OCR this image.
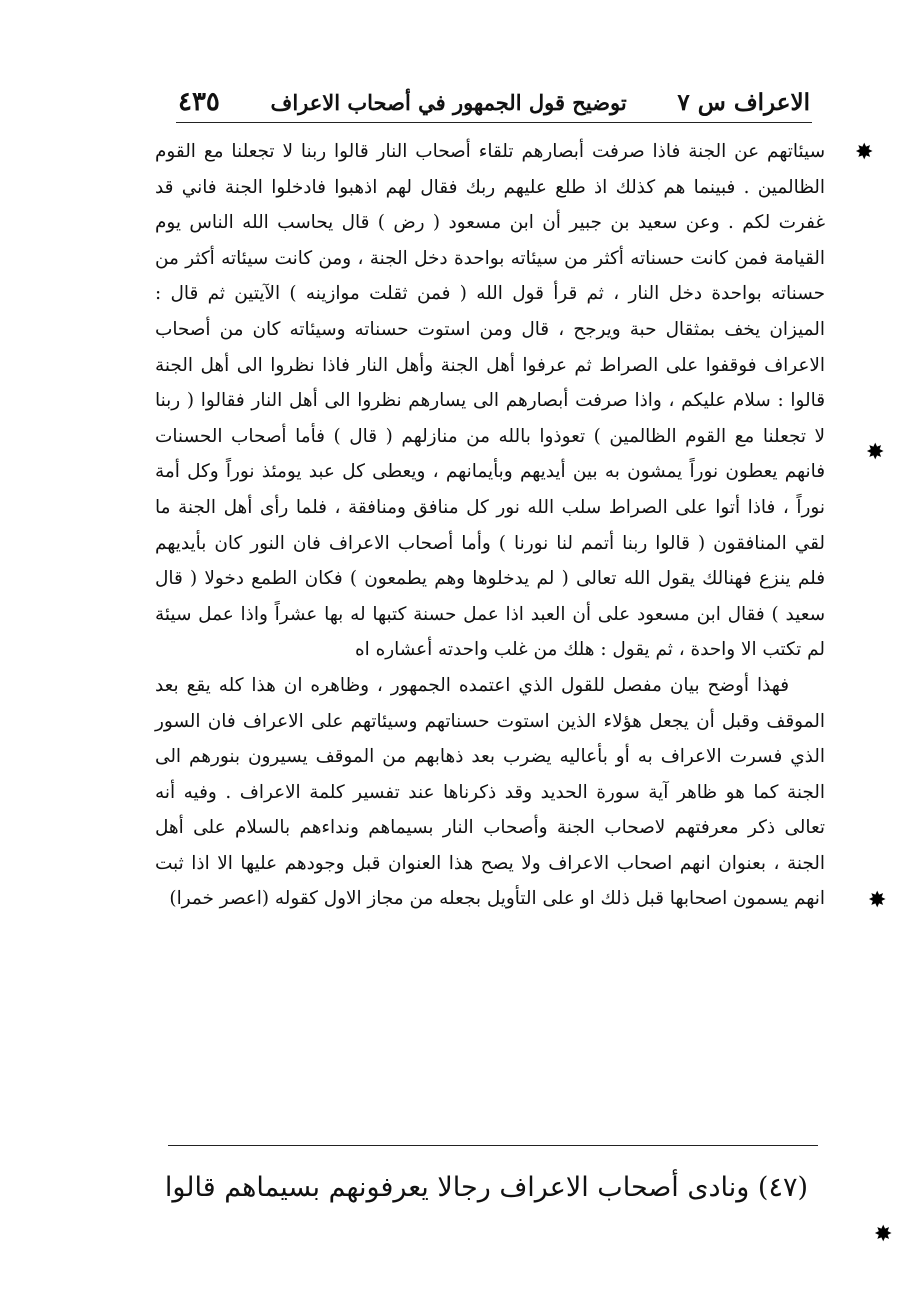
الاعراف س ٧
توضيح قول الجمهور في أصحاب الاعراف
٤٣٥

سيئاتهم عن الجنة فاذا صرفت أبصارهم تلقاء أصحاب النار قالوا ربنا لا تجعلنا مع القوم الظالمين . فبينما هم كذلك اذ طلع عليهم ربك فقال لهم اذهبوا فادخلوا الجنة فاني قد غفرت لكم . وعن سعيد بن جبير أن ابن مسعود ( رض ) قال يحاسب الله الناس يوم القيامة فمن كانت حسناته أكثر من سيئاته بواحدة دخل الجنة ، ومن كانت سيئاته أكثر من حسناته بواحدة دخل النار ، ثم قرأ قول الله ( فمن ثقلت موازينه ) الآيتين ثم قال : الميزان يخف بمثقال حبة ويرجح ، قال ومن استوت حسناته وسيئاته كان من أصحاب الاعراف فوقفوا على الصراط ثم عرفوا أهل الجنة وأهل النار فاذا نظروا الى أهل الجنة قالوا : سلام عليكم ، واذا صرفت أبصارهم الى يسارهم نظروا الى أهل النار فقالوا ( ربنا لا تجعلنا مع القوم الظالمين ) تعوذوا بالله من منازلهم ( قال ) فأما أصحاب الحسنات فانهم يعطون نوراً يمشون به بين أيديهم وبأيمانهم ، ويعطى كل عبد يومئذ نوراً وكل أمة نوراً ، فاذا أتوا على الصراط سلب الله نور كل منافق ومنافقة ، فلما رأى أهل الجنة ما لقي المنافقون ( قالوا ربنا أتمم لنا نورنا ) وأما أصحاب الاعراف فان النور كان بأيديهم فلم ينزع فهنالك يقول الله تعالى ( لم يدخلوها وهم يطمعون ) فكان الطمع دخولا ( قال سعيد ) فقال ابن مسعود على أن العبد اذا عمل حسنة كتبها له بها عشراً واذا عمل سيئة لم تكتب الا واحدة ، ثم يقول : هلك من غلب واحدته أعشاره اه

فهذا أوضح بيان مفصل للقول الذي اعتمده الجمهور ، وظاهره ان هذا كله يقع بعد الموقف وقبل أن يجعل هؤلاء الذين استوت حسناتهم وسيئاتهم على الاعراف فان السور الذي فسرت الاعراف به أو بأعاليه يضرب بعد ذهابهم من الموقف يسيرون بنورهم الى الجنة كما هو ظاهر آية سورة الحديد وقد ذكرناها عند تفسير كلمة الاعراف . وفيه أنه تعالى ذكر معرفتهم لاصحاب الجنة وأصحاب النار بسيماهم ونداءهم بالسلام على أهل الجنة ، بعنوان انهم اصحاب الاعراف ولا يصح هذا العنوان قبل وجودهم عليها الا اذا ثبت انهم يسمون اصحابها قبل ذلك او على التأويل بجعله من مجاز الاول كقوله (اعصر خمرا)

(٤٧) ونادى أصحاب الاعراف رجالا يعرفونهم بسيماهم قالوا
✸
✸
✸
✸
